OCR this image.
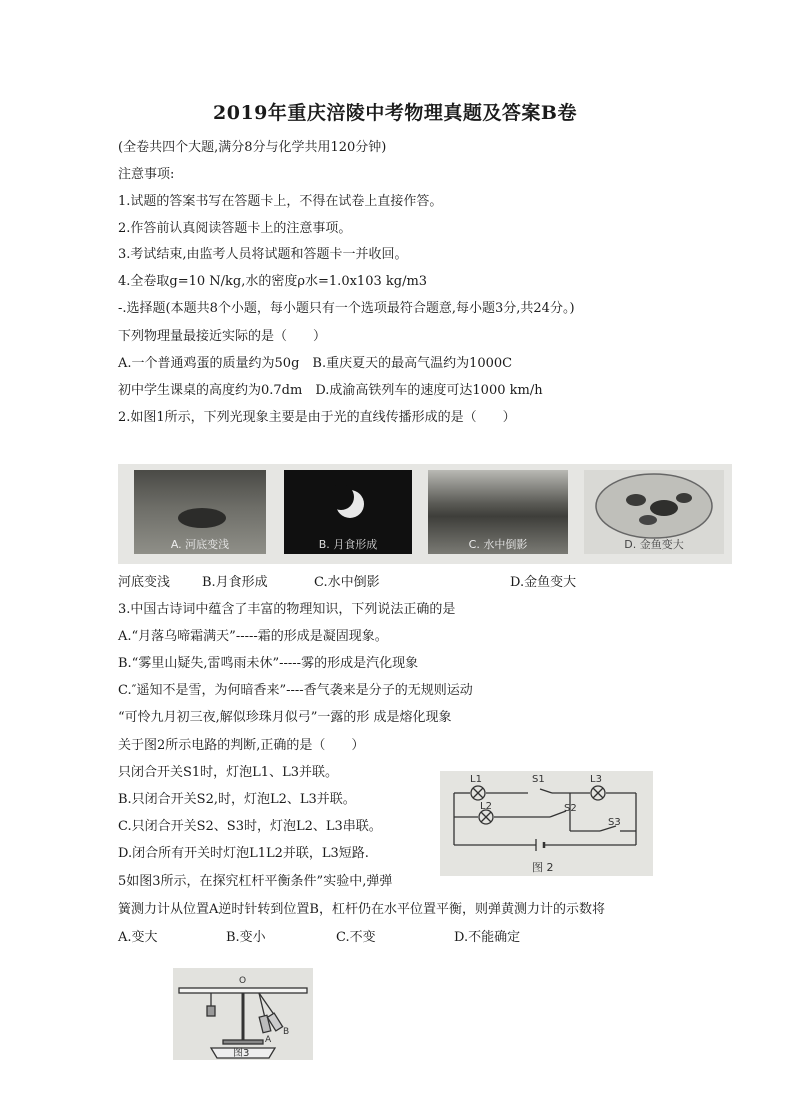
2019年重庆涪陵中考物理真题及答案B卷
(全卷共四个大题,满分8分与化学共用120分钟)
注意事项:
1.试题的答案书写在答题卡上，不得在试卷上直接作答。
2.作答前认真阅读答题卡上的注意事项。
3.考试结束,由监考人员将试题和答题卡一并收回。
4.全卷取g=10 N/kg,水的密度ρ水=1.0x103 kg/m3
-.选择题(本题共8个小题，每小题只有一个选项最符合题意,每小题3分,共24分。)
下列物理量最接近实际的是（　　）
A.一个普通鸡蛋的质量约为50g　B.重庆夏天的最高气温约为1000C
初中学生课桌的高度约为0.7dm　D.成渝高铁列车的速度可达1000 km/h
2.如图1所示，下列光现象主要是由于光的直线传播形成的是（　　）
A. 河底变浅	B. 月食形成	C. 水中倒影	D. 金鱼变大
河底变浅 B.月食形成	C.水中倒影	D.金鱼变大
3.中国古诗词中蕴含了丰富的物理知识，下列说法正确的是
A.“月落乌啼霜满天”-----霜的形成是凝固现象。
B.“雾里山疑失,雷鸣雨未休”-----雾的形成是汽化现象
C.″遥知不是雪，为何暗香来”----香气袭来是分子的无规则运动
“可怜九月初三夜,解似珍珠月似弓”一露的形 成是熔化现象
关于图2所示电路的判断,正确的是（　　）
只闭合开关S1时，灯泡L1、L3并联。
B.只闭合开关S2,时，灯泡L2、L3并联。
C.只闭合开关S2、S3时，灯泡L2、L3串联。
D.闭合所有开关时灯泡L1L2并联，L3短路.
L1	S1	L3
L2	S2
S3
图 2
5如图3所示，在探究杠杆平衡条件”实验中,弹弹
簧测力计从位置A逆时针转到位置B，杠杆仍在水平位置平衡，则弹黄测力计的示数将
A.变大	B.变小	C.不变	D.不能确定
O
A
B
图3
